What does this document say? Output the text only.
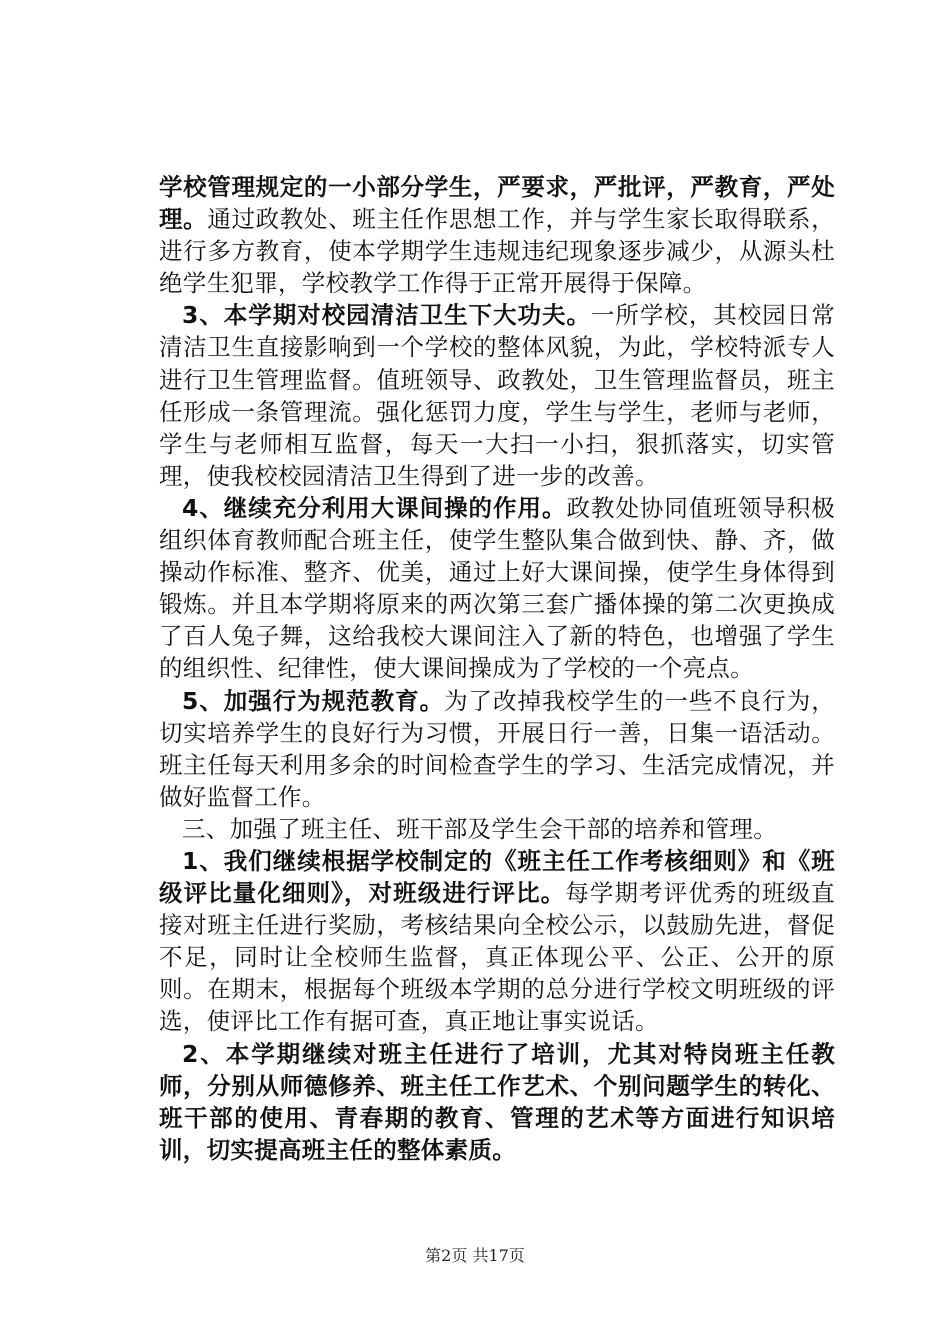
学校管理规定的一小部分学生，严要求，严批评，严教育，严处理。通过政教处、班主任作思想工作，并与学生家长取得联系，进行多方教育，使本学期学生违规违纪现象逐步减少，从源头杜绝学生犯罪，学校教学工作得于正常开展得于保障。

3、本学期对校园清洁卫生下大功夫。一所学校，其校园日常清洁卫生直接影响到一个学校的整体风貌，为此，学校特派专人进行卫生管理监督。值班领导、政教处，卫生管理监督员，班主任形成一条管理流。强化惩罚力度，学生与学生，老师与老师，学生与老师相互监督，每天一大扫一小扫，狠抓落实，切实管理，使我校校园清洁卫生得到了进一步的改善。

4、继续充分利用大课间操的作用。政教处协同值班领导积极组织体育教师配合班主任，使学生整队集合做到快、静、齐，做操动作标准、整齐、优美，通过上好大课间操，使学生身体得到锻炼。并且本学期将原来的两次第三套广播体操的第二次更换成了百人兔子舞，这给我校大课间注入了新的特色，也增强了学生的组织性、纪律性，使大课间操成为了学校的一个亮点。

5、加强行为规范教育。为了改掉我校学生的一些不良行为，切实培养学生的良好行为习惯，开展日行一善，日集一语活动。班主任每天利用多余的时间检查学生的学习、生活完成情况，并做好监督工作。

三、加强了班主任、班干部及学生会干部的培养和管理。

1、我们继续根据学校制定的《班主任工作考核细则》和《班级评比量化细则》，对班级进行评比。每学期考评优秀的班级直接对班主任进行奖励，考核结果向全校公示，以鼓励先进，督促不足，同时让全校师生监督，真正体现公平、公正、公开的原则。在期末，根据每个班级本学期的总分进行学校文明班级的评选，使评比工作有据可查，真正地让事实说话。

2、本学期继续对班主任进行了培训，尤其对特岗班主任教师，分别从师德修养、班主任工作艺术、个别问题学生的转化、班干部的使用、青春期的教育、管理的艺术等方面进行知识培训，切实提高班主任的整体素质。

第2页 共17页
